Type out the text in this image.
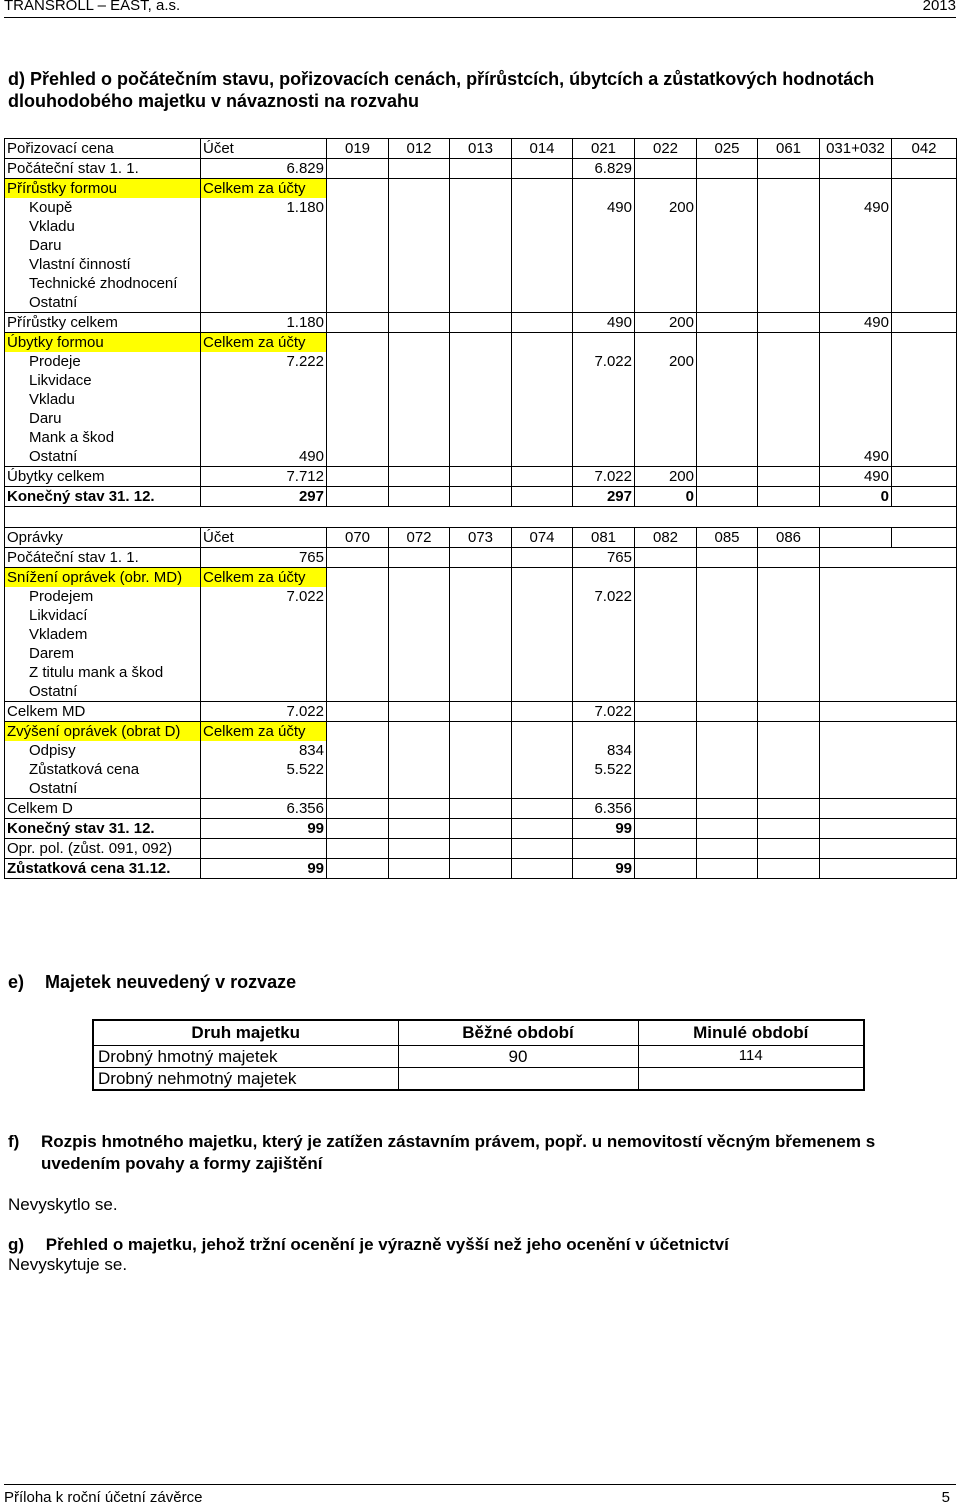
TRANSROLL – EAST, a.s.	2013
d) Přehled o počátečním stavu, pořizovacích cenách, přírůstcích, úbytcích a zůstatkových hodnotách dlouhodobého majetku v návaznosti na rozvahu
Pořizovací cena	Účet	019	012	013	014	021	022	025	061	031+032	042
Počáteční stav 1. 1.	6.829					6.829					
Přírůstky formou	Celkem za účty										
Koupě	1.180					490	200			490	
Vkladu											
Daru											
Vlastní činností											
Technické zhodnocení											
Ostatní											
Přírůstky celkem	1.180					490	200			490	
Úbytky formou	Celkem za účty										
Prodeje	7.222					7.022	200				
Likvidace											
Vkladu											
Daru											
Mank a škod											
Ostatní	490									490	
Úbytky celkem	7.712					7.022	200			490	
Konečný stav 31. 12.	297					297	0			0	

Oprávky	Účet	070	072	073	074	081	082	085	086		
Počáteční stav 1. 1.	765					765					
Snížení oprávek (obr. MD)	Celkem za účty										
Prodejem	7.022					7.022					
Likvidací											
Vkladem											
Darem											
Z titulu mank a škod											
Ostatní											
Celkem MD	7.022					7.022					
Zvýšení oprávek (obrat D)	Celkem za účty										
Odpisy	834					834					
Zůstatková cena	5.522					5.522					
Ostatní											
Celkem D	6.356					6.356					
Konečný stav 31. 12.	99					99					
Opr. pol. (zůst. 091, 092)											
Zůstatková cena 31.12.	99					99					
e) Majetek neuvedený v rozvaze
Druh majetku	Běžné období	Minulé období
Drobný hmotný majetek	90	114
Drobný nehmotný majetek		
f) Rozpis hmotného majetku, který je zatížen zástavním právem, popř. u nemovitostí věcným břemenem s uvedením povahy a formy zajištění
Nevyskytlo se.
g) Přehled o majetku, jehož tržní ocenění je výrazně vyšší než jeho ocenění v účetnictví
Nevyskytuje se.
Příloha k roční účetní závěrce	5
